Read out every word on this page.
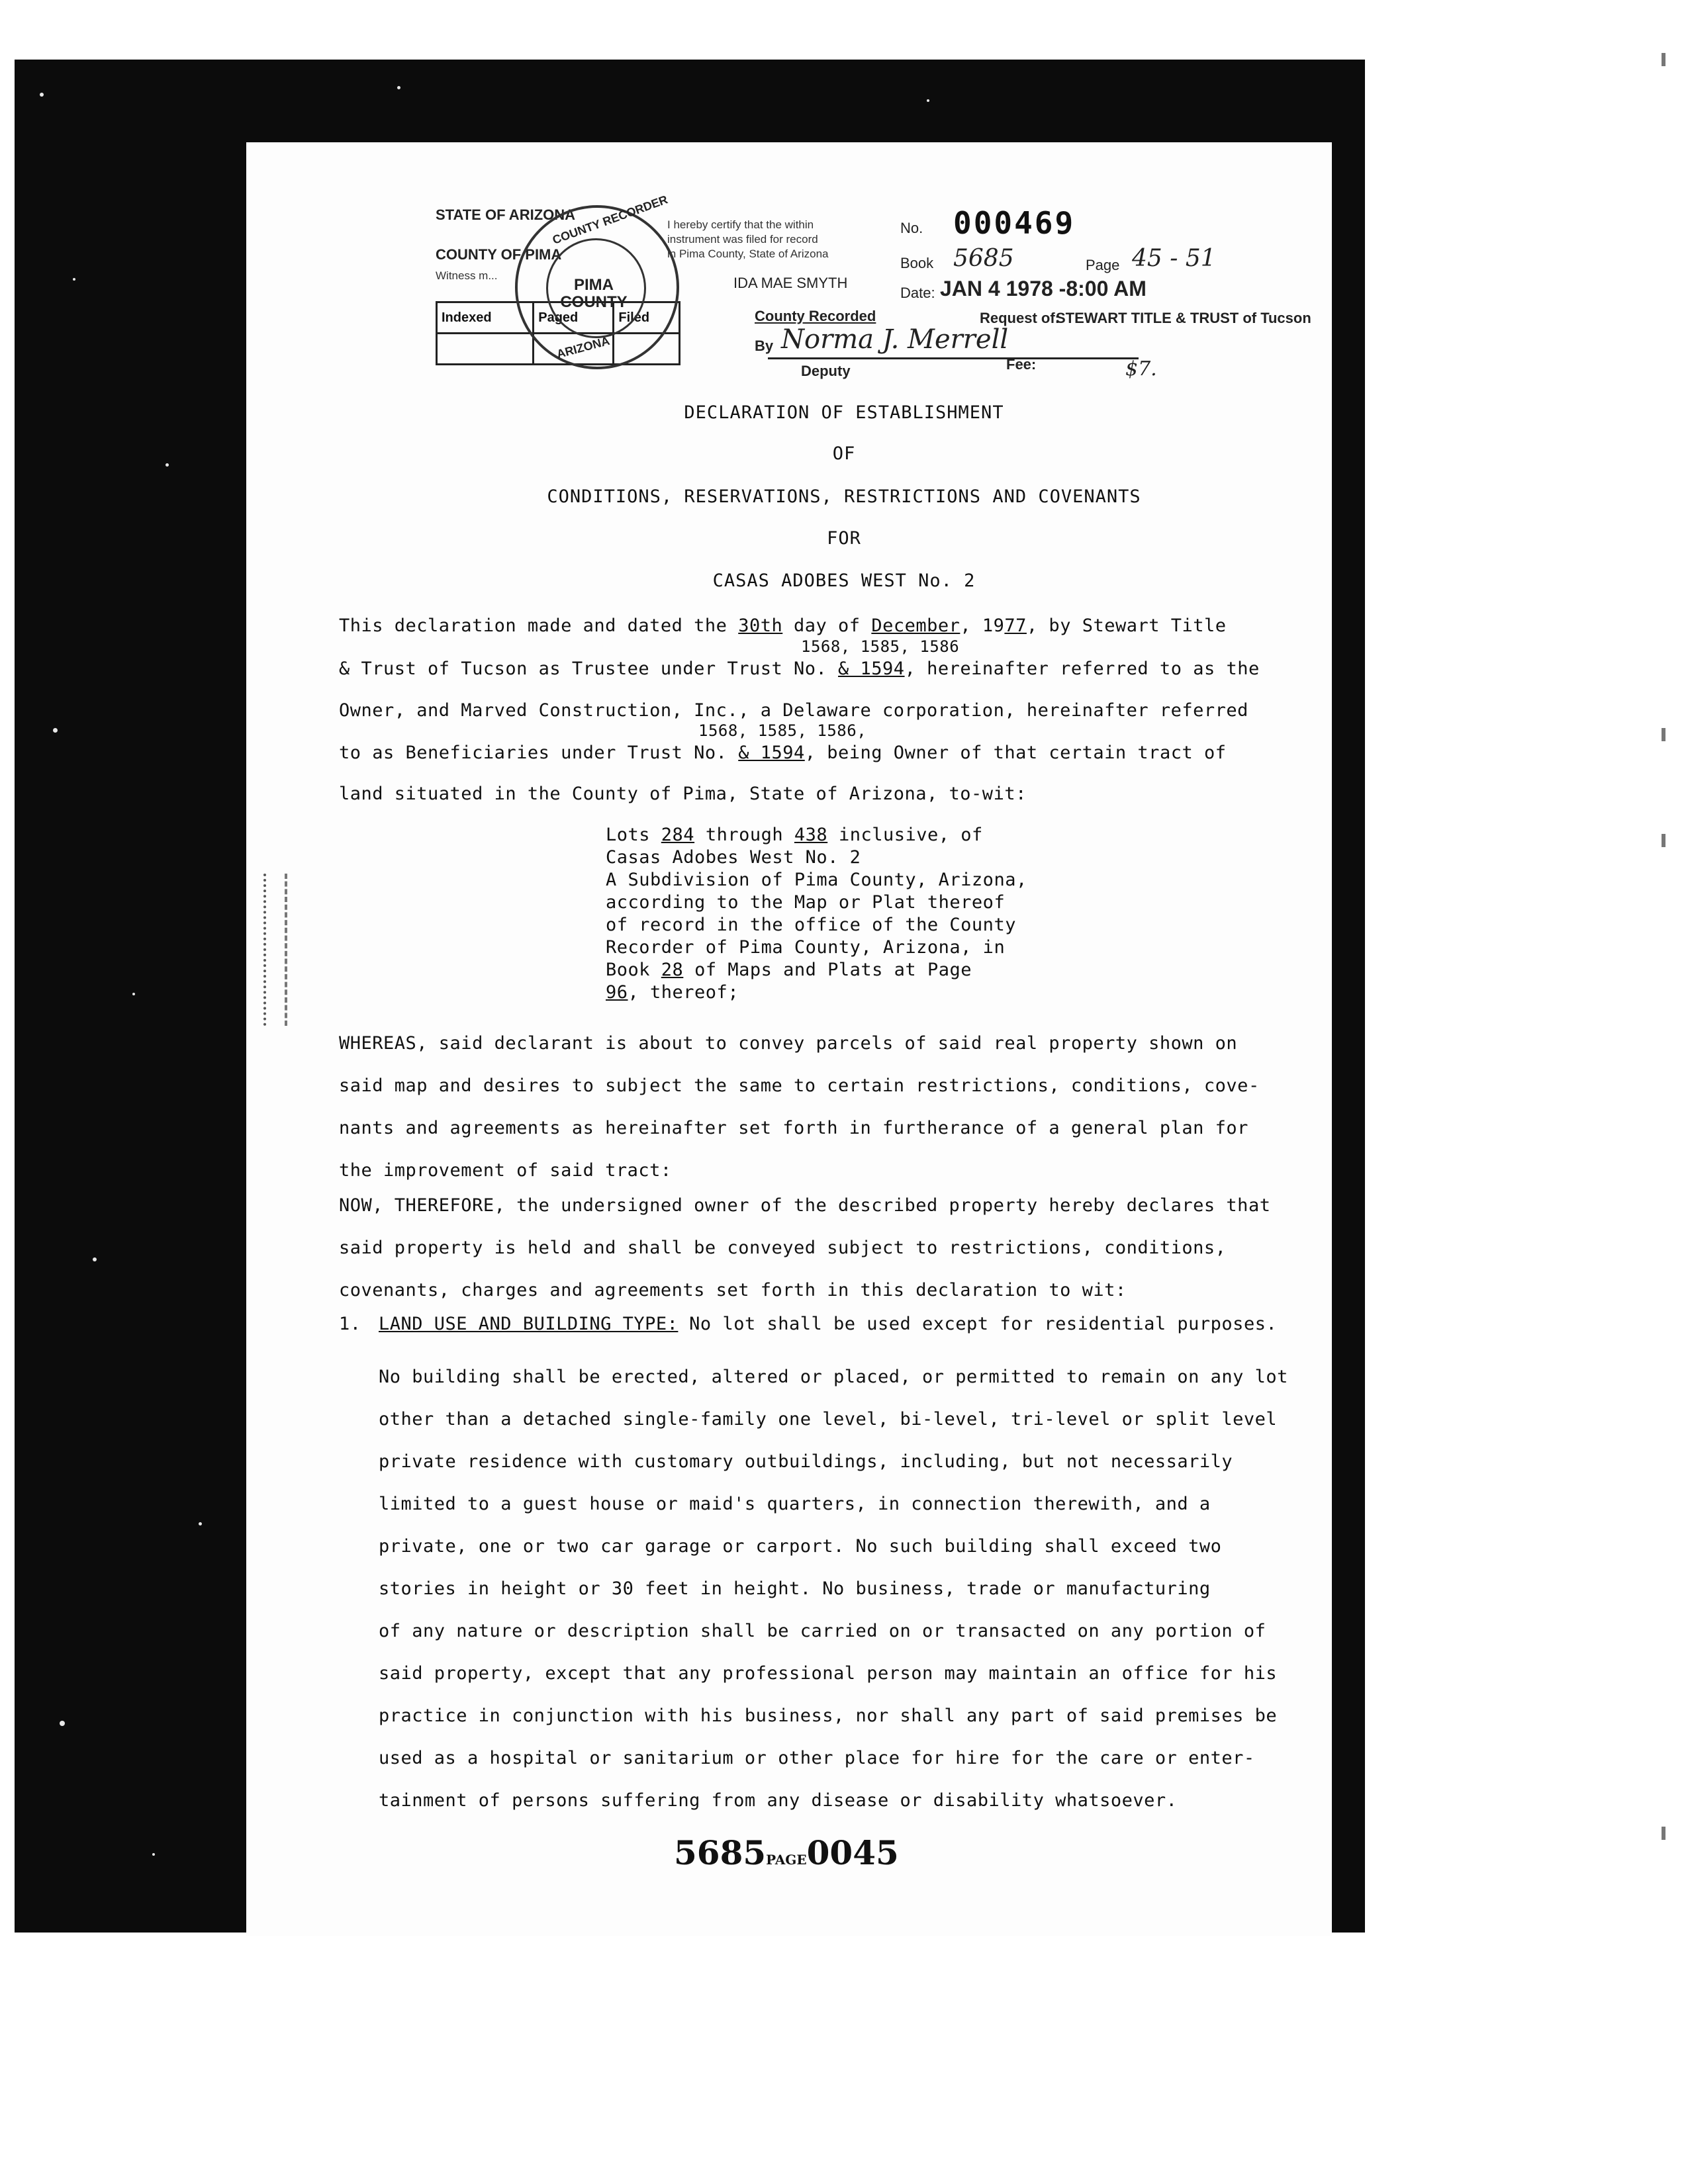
STATE OF ARIZONA
COUNTY OF PIMA
Witness m...
Indexed	Paged	Filed

COUNTY RECORDER
PIMA COUNTY
ARIZONA
I hereby certify that the within
instrument was filed for record
in Pima County, State of Arizona
IDA MAE SMYTH
No. 000469
Book 5685	Page 45 - 51
Date: JAN 4 1978 -8:00 AM
County Recorded	Request of:
STEWART TITLE & TRUST of Tucson
By Norma J. Merrell
Deputy	Fee:	$7.
DECLARATION OF ESTABLISHMENT
OF
CONDITIONS, RESERVATIONS, RESTRICTIONS AND COVENANTS
FOR
CASAS ADOBES WEST No. 2
This declaration made and dated the 30th day of December, 1977, by Stewart Title
1568, 1585, 1586
& Trust of Tucson as Trustee under Trust No. & 1594, hereinafter referred to as the
Owner, and Marved Construction, Inc., a Delaware corporation, hereinafter referred
1568, 1585, 1586,
to as Beneficiaries under Trust No. & 1594, being Owner of that certain tract of
land situated in the County of Pima, State of Arizona, to-wit:
Lots 284 through 438 inclusive, of
Casas Adobes West No. 2
A Subdivision of Pima County, Arizona,
according to the Map or Plat thereof
of record in the office of the County
Recorder of Pima County, Arizona, in
Book 28 of Maps and Plats at Page
96, thereof;
WHEREAS, said declarant is about to convey parcels of said real property shown on
said map and desires to subject the same to certain restrictions, conditions, cove-
nants and agreements as hereinafter set forth in furtherance of a general plan for
the improvement of said tract:
NOW, THEREFORE, the undersigned owner of the described property hereby declares that
said property is held and shall be conveyed subject to restrictions, conditions,
covenants, charges and agreements set forth in this declaration to wit:
1. LAND USE AND BUILDING TYPE: No lot shall be used except for residential purposes.
No building shall be erected, altered or placed, or permitted to remain on any lot
other than a detached single-family one level, bi-level, tri-level or split level
private residence with customary outbuildings, including, but not necessarily
limited to a guest house or maid's quarters, in connection therewith, and a
private, one or two car garage or carport. No such building shall exceed two
stories in height or 30 feet in height. No business, trade or manufacturing
of any nature or description shall be carried on or transacted on any portion of
said property, except that any professional person may maintain an office for his
practice in conjunction with his business, nor shall any part of said premises be
used as a hospital or sanitarium or other place for hire for the care or enter-
tainment of persons suffering from any disease or disability whatsoever.
5685PAGE0045
